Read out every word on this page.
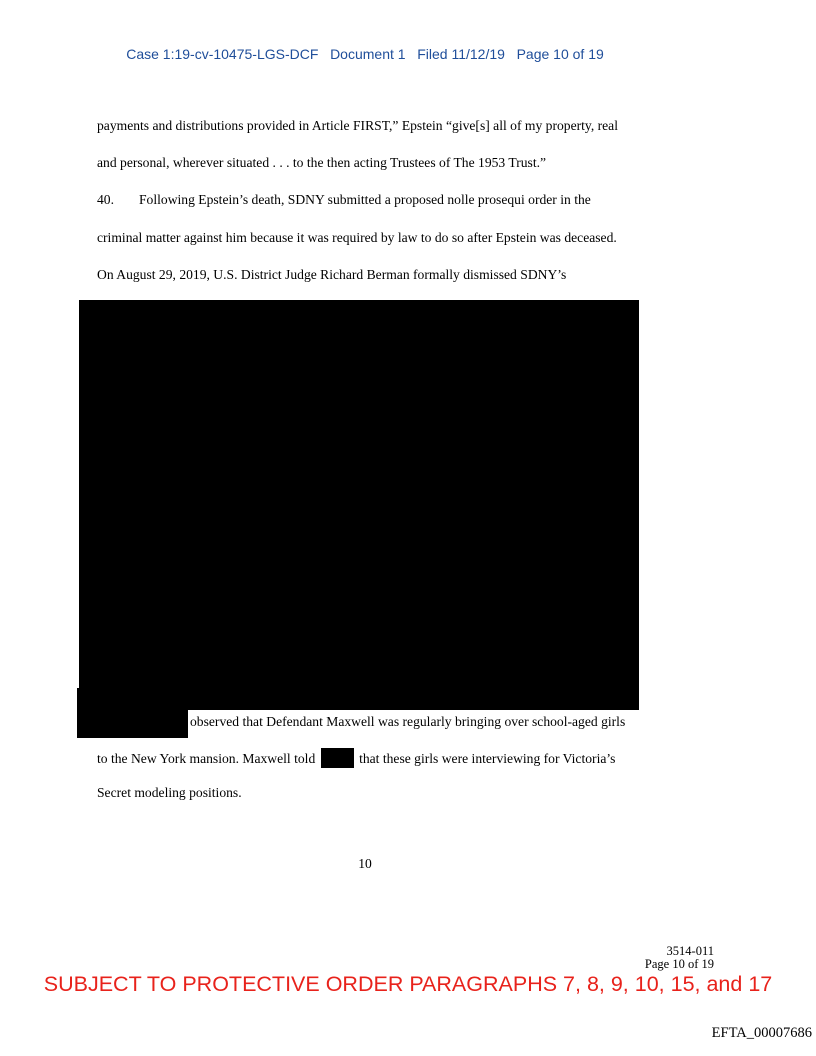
Case 1:19-cv-10475-LGS-DCF   Document 1   Filed 11/12/19   Page 10 of 19
payments and distributions provided in Article FIRST,” Epstein “give[s] all of my property, real
and personal, wherever situated . . . to the then acting Trustees of The 1953 Trust.”
40. Following Epstein’s death, SDNY submitted a proposed nolle prosequi order in the
criminal matter against him because it was required by law to do so after Epstein was deceased.
On August 29, 2019, U.S. District Judge Richard Berman formally dismissed SDNY’s
observed that Defendant Maxwell was regularly bringing over school-aged girls
to the New York mansion. Maxwell told	that these girls were interviewing for Victoria’s
Secret modeling positions.
10
3514-011
Page 10 of 19
SUBJECT TO PROTECTIVE ORDER PARAGRAPHS 7, 8, 9, 10, 15, and 17
EFTA_00007686
